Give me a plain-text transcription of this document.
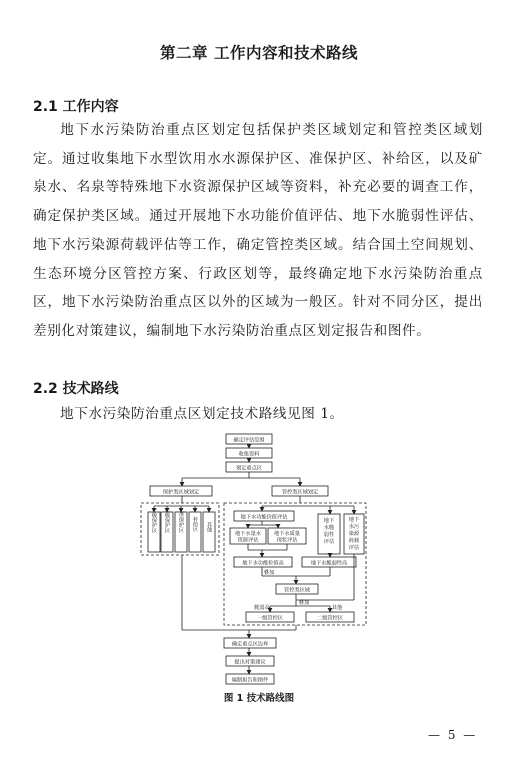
第二章 工作内容和技术路线
2.1 工作内容
地下水污染防治重点区划定包括保护类区域划定和管控类区域划定。通过收集地下水型饮用水水源保护区、准保护区、补给区，以及矿泉水、名泉等特殊地下水资源保护区域等资料，补充必要的调查工作，确定保护类区域。通过开展地下水功能价值评估、地下水脆弱性评估、地下水污染源荷载评估等工作，确定管控类区域。结合国土空间规划、生态环境分区管控方案、行政区划等，最终确定地下水污染防治重点区，地下水污染防治重点区以外的区域为一般区。针对不同分区，提出差别化对策建议，编制地下水污染防治重点区划定报告和图件。
2.2 技术路线
地下水污染防治重点区划定技术路线见图 1。
确定评估范围
收集资料
划定重点区
保护类区域划定	管控类区域划定
一级保护区 二级保护区 准保护区 补给区 其他
地下水功能价值评估
地下水量水
资源评估
地下水质量
现状评估
地下水功能价值高
地下
水脆
弱性
评估
地下
水污
染源
荷载
评估
地下水脆弱性高
叠加
管控类区域
叠加
脆弱高	其他
一级管控区	二级管控区
确定重点区边界
提出对策建议
编制报告和图件
图 1 技术路线图
— 5 —
